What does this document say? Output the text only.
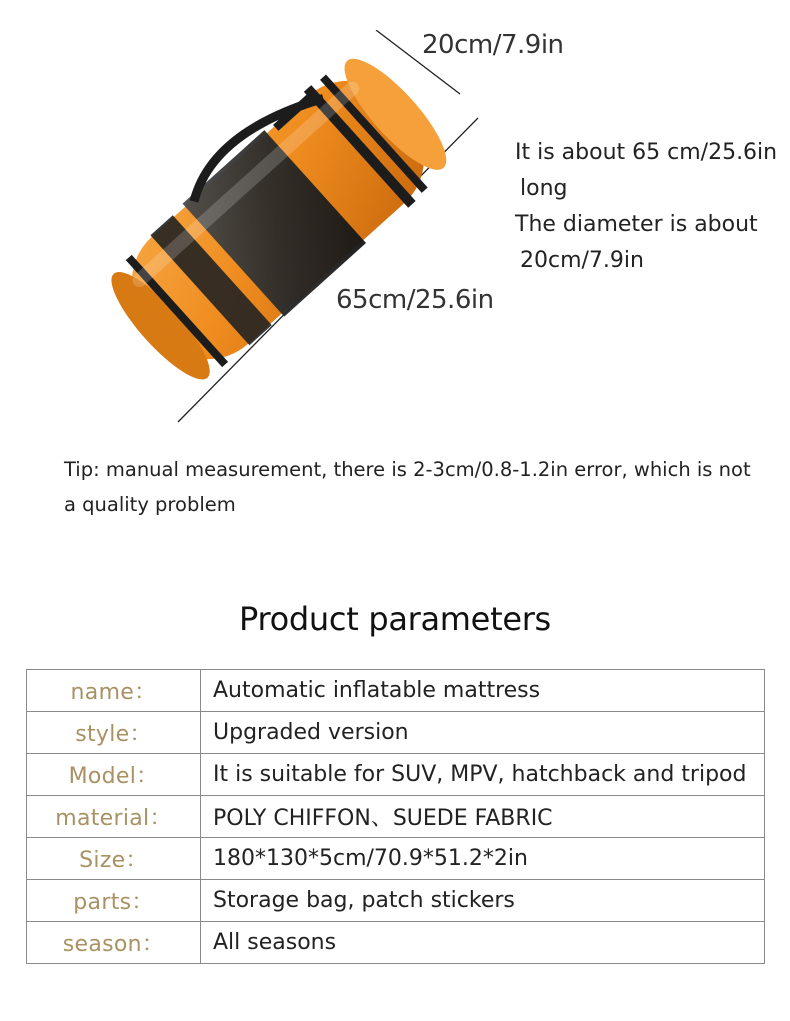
20cm/7.9in
65cm/25.6in
It is about 65 cm/25.6in
long
The diameter is about
20cm/7.9in
Tip: manual measurement, there is 2-3cm/0.8-1.2in error, which is not a quality problem
Product parameters
name：	Automatic inflatable mattress
style：	Upgraded version
Model：	It is suitable for SUV, MPV, hatchback and tripod
material：	POLY CHIFFON、SUEDE FABRIC
Size：	180*130*5cm/70.9*51.2*2in
parts：	Storage bag, patch stickers
season：	All seasons
